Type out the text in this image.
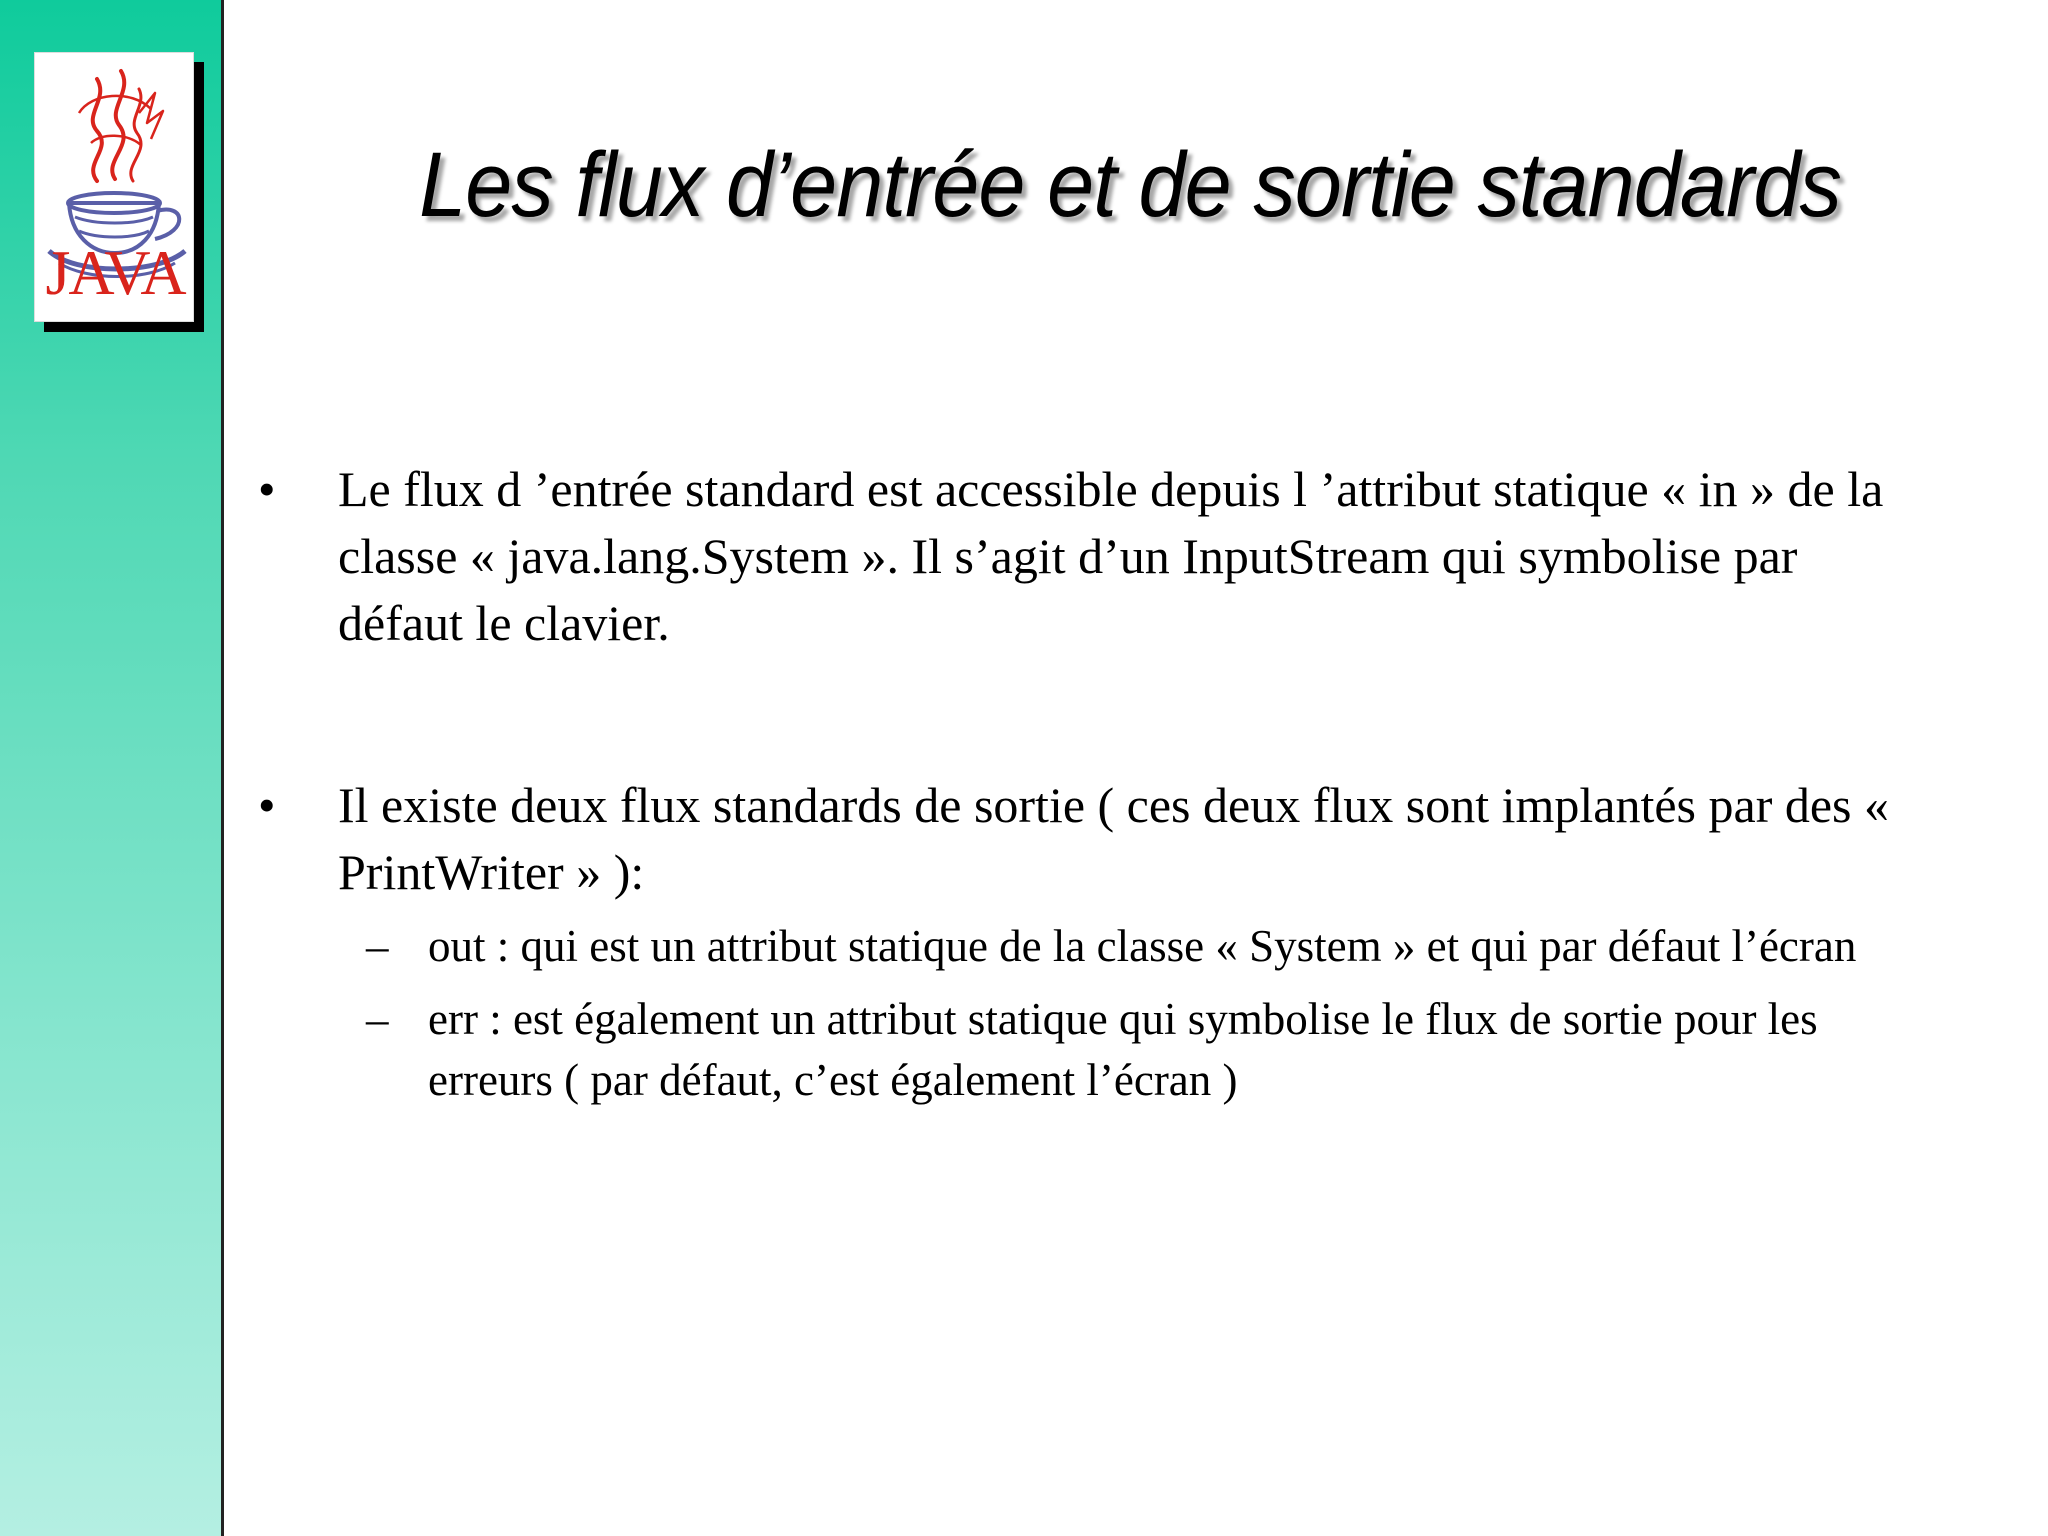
JAVA
Les flux d’entrée et de sortie standards
• Le flux d ’entrée standard est accessible depuis l ’attribut statique « in » de la classe « java.lang.System ». Il s’agit d’un InputStream qui symbolise par défaut le clavier.
• Il existe deux flux standards de sortie ( ces deux flux sont implantés par des « PrintWriter » ):
– out : qui est un attribut statique de la classe « System » et qui par défaut l’écran
– err : est également un attribut statique qui symbolise le flux de sortie pour les erreurs ( par défaut, c’est également l’écran )
